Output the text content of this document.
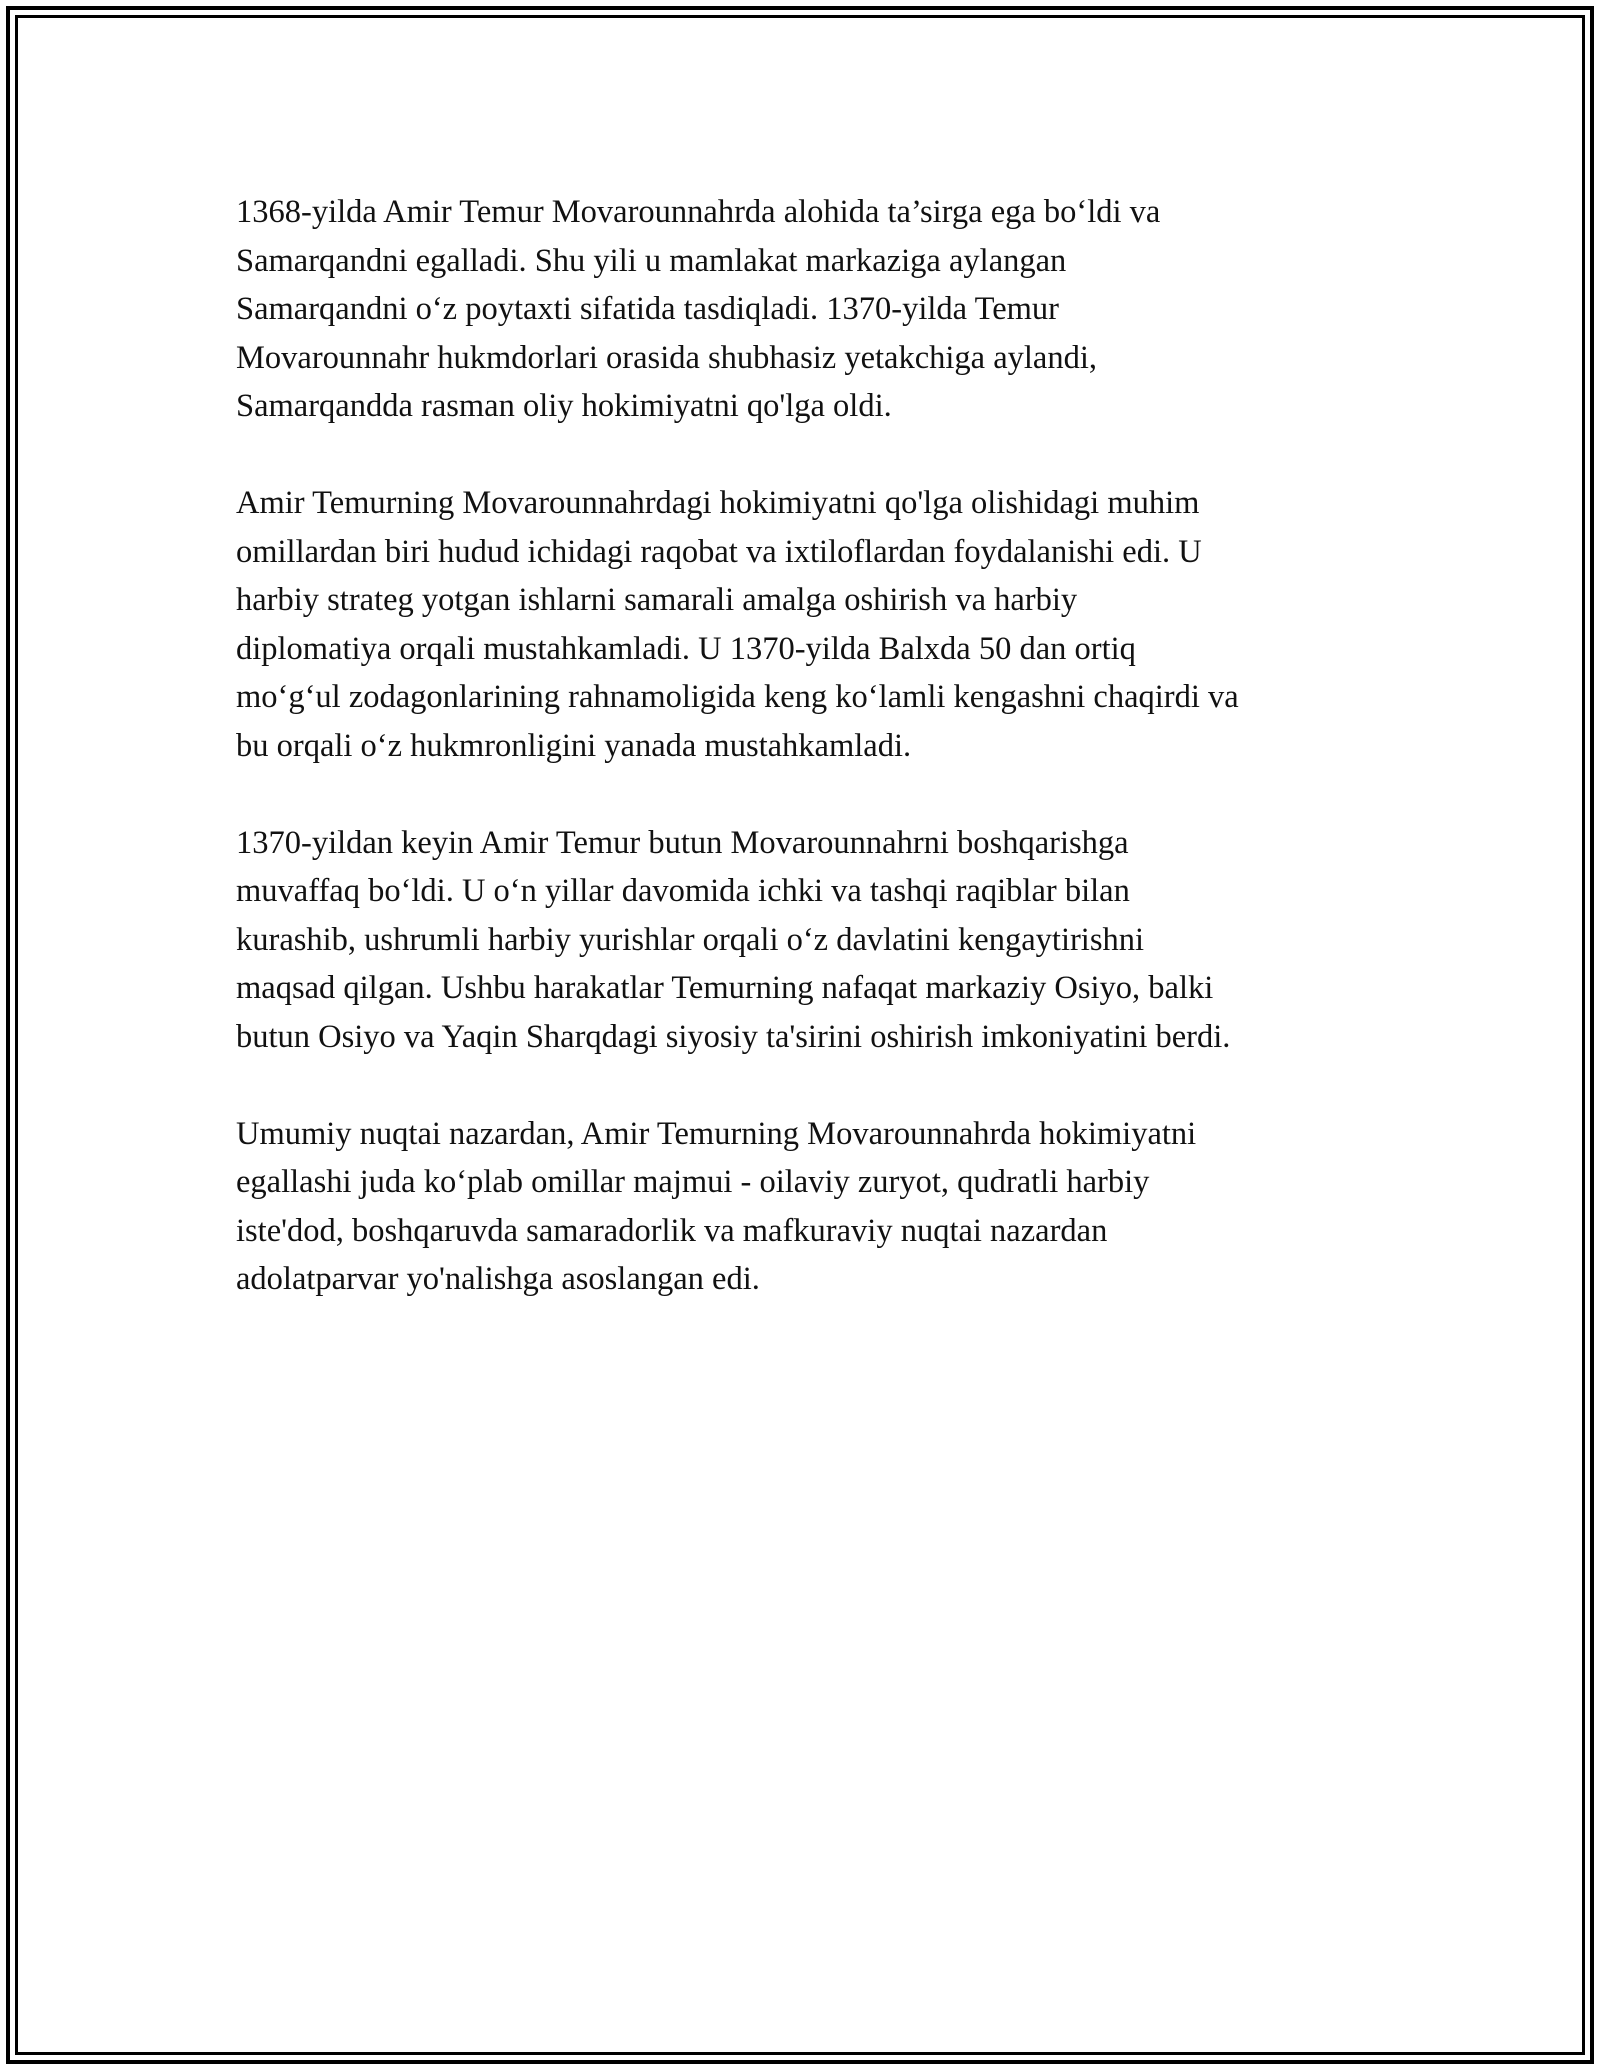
1368-yilda Amir Temur Movarounnahrda alohida ta’sirga ega boʻldi va
Samarqandni egalladi. Shu yili u mamlakat markaziga aylangan
Samarqandni oʻz poytaxti sifatida tasdiqladi. 1370-yilda Temur
Movarounnahr hukmdorlari orasida shubhasiz yetakchiga aylandi,
Samarqandda rasman oliy hokimiyatni qo'lga oldi.

Amir Temurning Movarounnahrdagi hokimiyatni qo'lga olishidagi muhim
omillardan biri hudud ichidagi raqobat va ixtiloflardan foydalanishi edi. U
harbiy strateg yotgan ishlarni samarali amalga oshirish va harbiy
diplomatiya orqali mustahkamladi. U 1370-yilda Balxda 50 dan ortiq
moʻgʻul zodagonlarining rahnamoligida keng koʻlamli kengashni chaqirdi va
bu orqali oʻz hukmronligini yanada mustahkamladi.

1370-yildan keyin Amir Temur butun Movarounnahrni boshqarishga
muvaffaq boʻldi. U oʻn yillar davomida ichki va tashqi raqiblar bilan
kurashib, ushrumli harbiy yurishlar orqali oʻz davlatini kengaytirishni
maqsad qilgan. Ushbu harakatlar Temurning nafaqat markaziy Osiyo, balki
butun Osiyo va Yaqin Sharqdagi siyosiy ta'sirini oshirish imkoniyatini berdi.

Umumiy nuqtai nazardan, Amir Temurning Movarounnahrda hokimiyatni
egallashi juda koʻplab omillar majmui - oilaviy zuryot, qudratli harbiy
iste'dod, boshqaruvda samaradorlik va mafkuraviy nuqtai nazardan
adolatparvar yo'nalishga asoslangan edi.
